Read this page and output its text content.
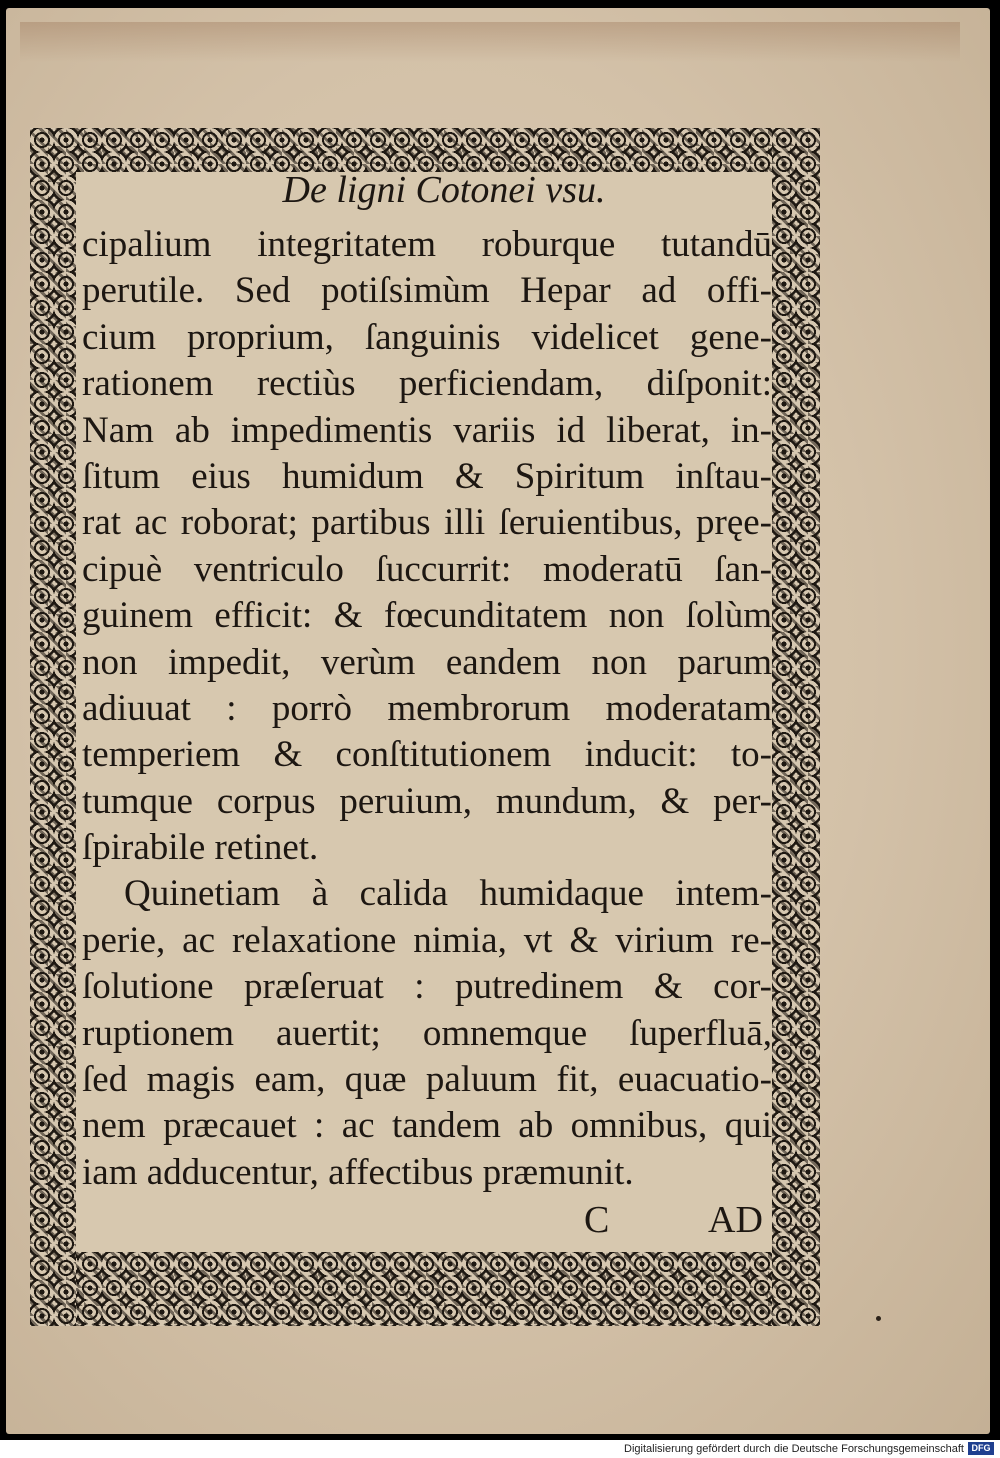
De ligni Cotonei vsu.
cipalium integritatem roburque tutandū
perutile. Sed potiſsimùm Hepar ad offi-
cium proprium, ſanguinis videlicet gene-
rationem rectiùs perficiendam, diſponit:
Nam ab impedimentis variis id liberat, in-
ſitum eius humidum & Spiritum inſtau-
rat ac roborat; partibus illi ſeruientibus, pręe-
cipuè ventriculo ſuccurrit: moderatū ſan-
guinem efficit: & fœcunditatem non ſolùm
non impedit, verùm eandem non parum
adiuuat : porrò membrorum moderatam
temperiem & conſtitutionem inducit: to-
tumque corpus peruium, mundum, & per-
ſpirabile retinet.
Quinetiam à calida humidaque intem-
perie, ac relaxatione nimia, vt & virium re-
ſolutione præſeruat : putredinem & cor-
ruptionem auertit; omnemque ſuperfluā,
ſed magis eam, quæ paluum fit, euacuatio-
nem præcauet : ac tandem ab omnibus, qui
iam adducentur, affectibus præmunit.
C	AD
Digitalisierung gefördert durch die Deutsche Forschungsgemeinschaft DFG
